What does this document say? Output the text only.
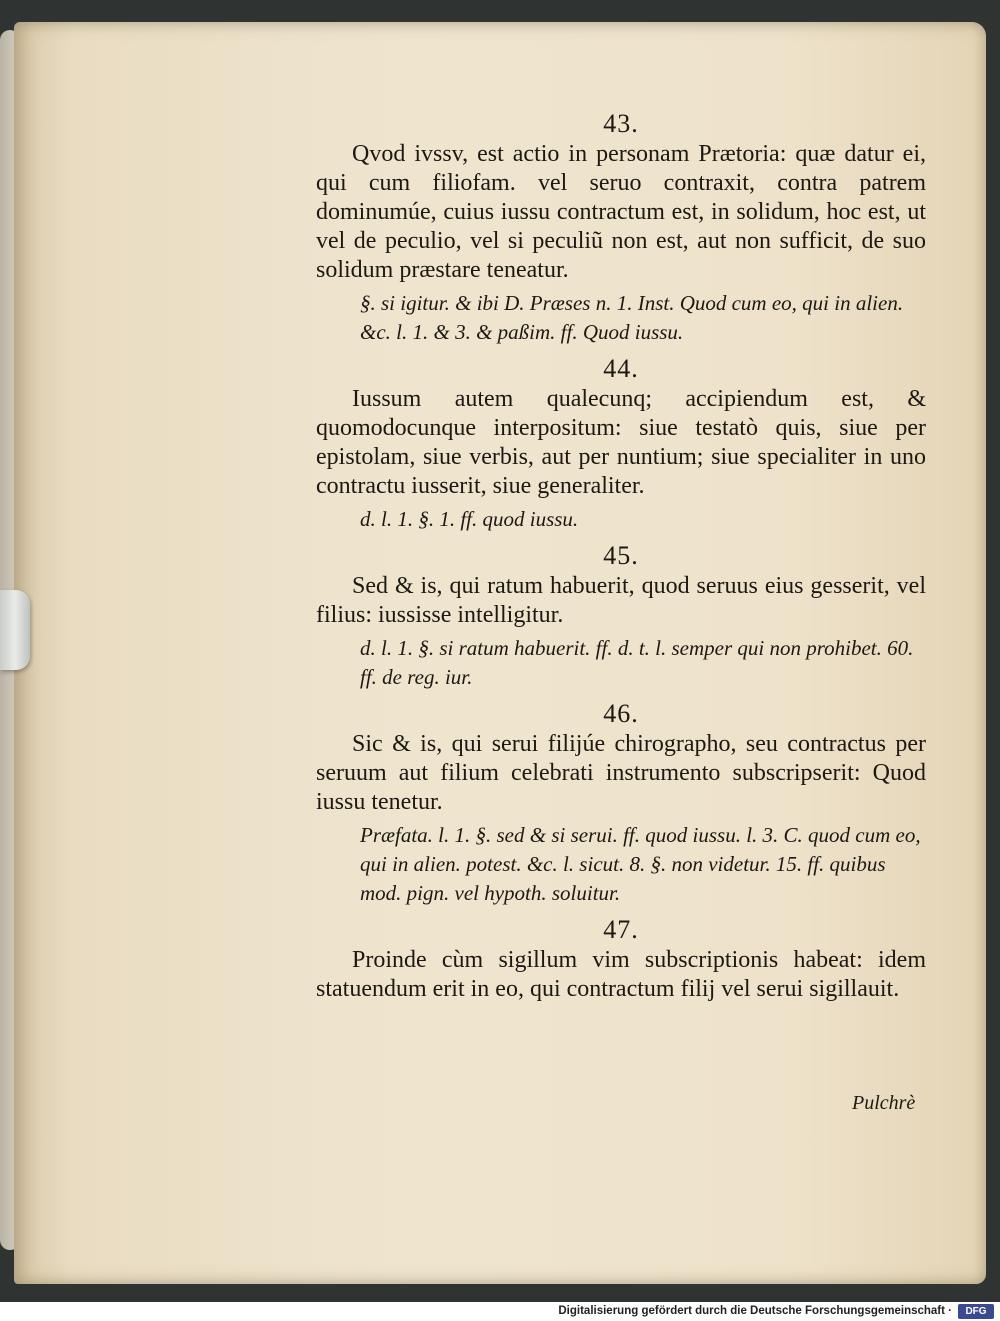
43.

Qvod ivssv, est actio in personam Prætoria: quæ datur ei, qui cum filiofam. vel seruo contraxit, contra patrem dominumúe, cuius iussu contractum est, in solidum, hoc est, ut vel de peculio, vel si peculiũ non est, aut non sufficit, de suo solidum præstare teneatur.

§. si igitur. & ibi D. Præses n. 1. Inst. Quod cum eo, qui in alien. &c. l. 1. & 3. & paßim. ff. Quod iussu.

44.

Iussum autem qualecunq; accipiendum est, & quomodocunque interpositum: siue testatò quis, siue per epistolam, siue verbis, aut per nuntium; siue specialiter in uno contractu iusserit, siue generaliter.

d. l. 1. §. 1. ff. quod iussu.

45.

Sed & is, qui ratum habuerit, quod seruus eius gesserit, vel filius: iussisse intelligitur.

d. l. 1. §. si ratum habuerit. ff. d. t. l. semper qui non prohibet. 60. ff. de reg. iur.

46.

Sic & is, qui serui filijúe chirographo, seu contractus per seruum aut filium celebrati instrumento subscripserit: Quod iussu tenetur.

Præfata. l. 1. §. sed & si serui. ff. quod iussu. l. 3. C. quod cum eo, qui in alien. potest. &c. l. sicut. 8. §. non videtur. 15. ff. quibus mod. pign. vel hypoth. soluitur.

47.

Proinde cùm sigillum vim subscriptionis habeat: idem statuendum erit in eo, qui contractum filij vel serui sigillauit.

Pulchrè
Digitalisierung gefördert durch die Deutsche Forschungsgemeinschaft ·	DFG
